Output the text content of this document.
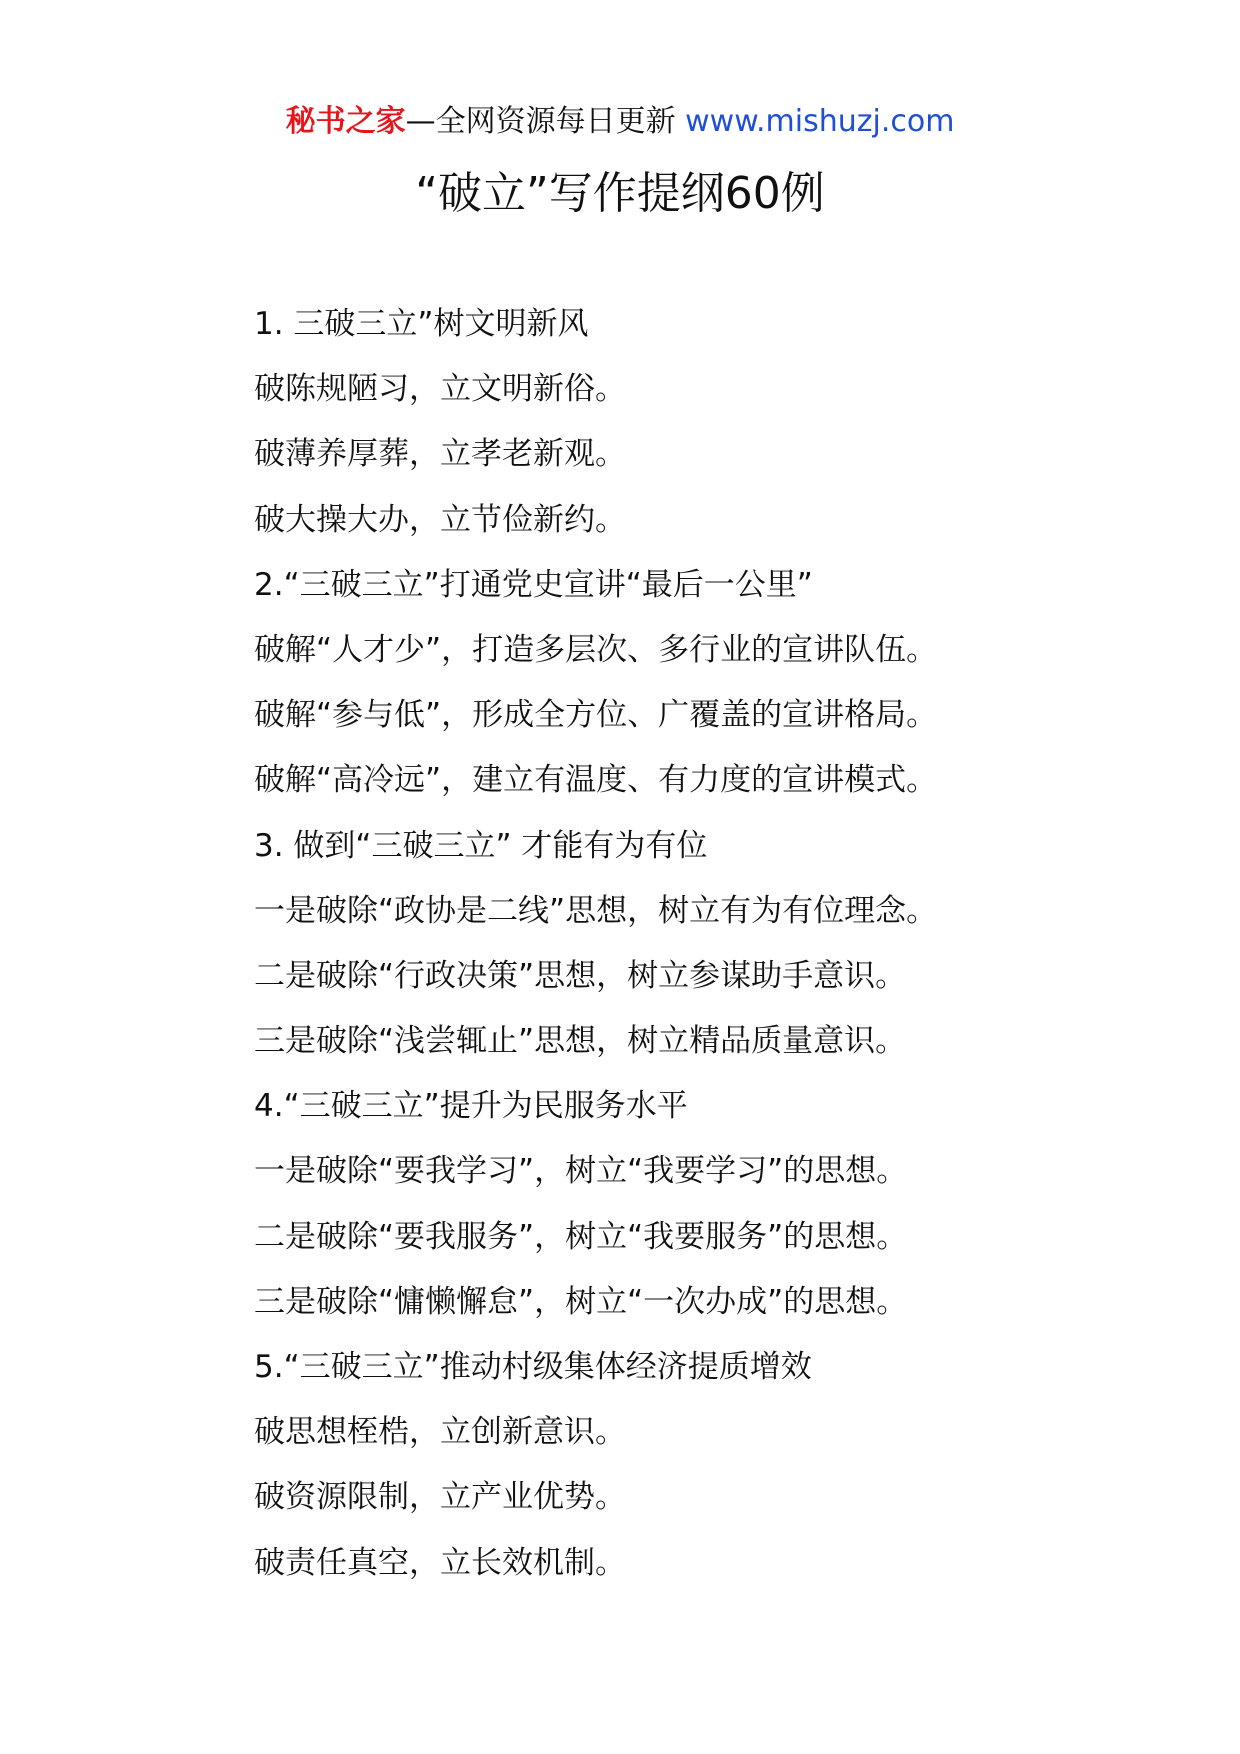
秘书之家—全网资源每日更新 www.mishuzj.com
“破立”写作提纲60例
1. 三破三立”树文明新风
破陈规陋习，立文明新俗。
破薄养厚葬，立孝老新观。
破大操大办，立节俭新约。
2.“三破三立”打通党史宣讲“最后一公里”
破解“人才少”，打造多层次、多行业的宣讲队伍。
破解“参与低”，形成全方位、广覆盖的宣讲格局。
破解“高冷远”，建立有温度、有力度的宣讲模式。
3. 做到“三破三立” 才能有为有位
一是破除“政协是二线”思想，树立有为有位理念。
二是破除“行政决策”思想，树立参谋助手意识。
三是破除“浅尝辄止”思想，树立精品质量意识。
4.“三破三立”提升为民服务水平
一是破除“要我学习”，树立“我要学习”的思想。
二是破除“要我服务”，树立“我要服务”的思想。
三是破除“慵懒懈怠”，树立“一次办成”的思想。
5.“三破三立”推动村级集体经济提质增效
破思想桎梏，立创新意识。
破资源限制，立产业优势。
破责任真空，立长效机制。
